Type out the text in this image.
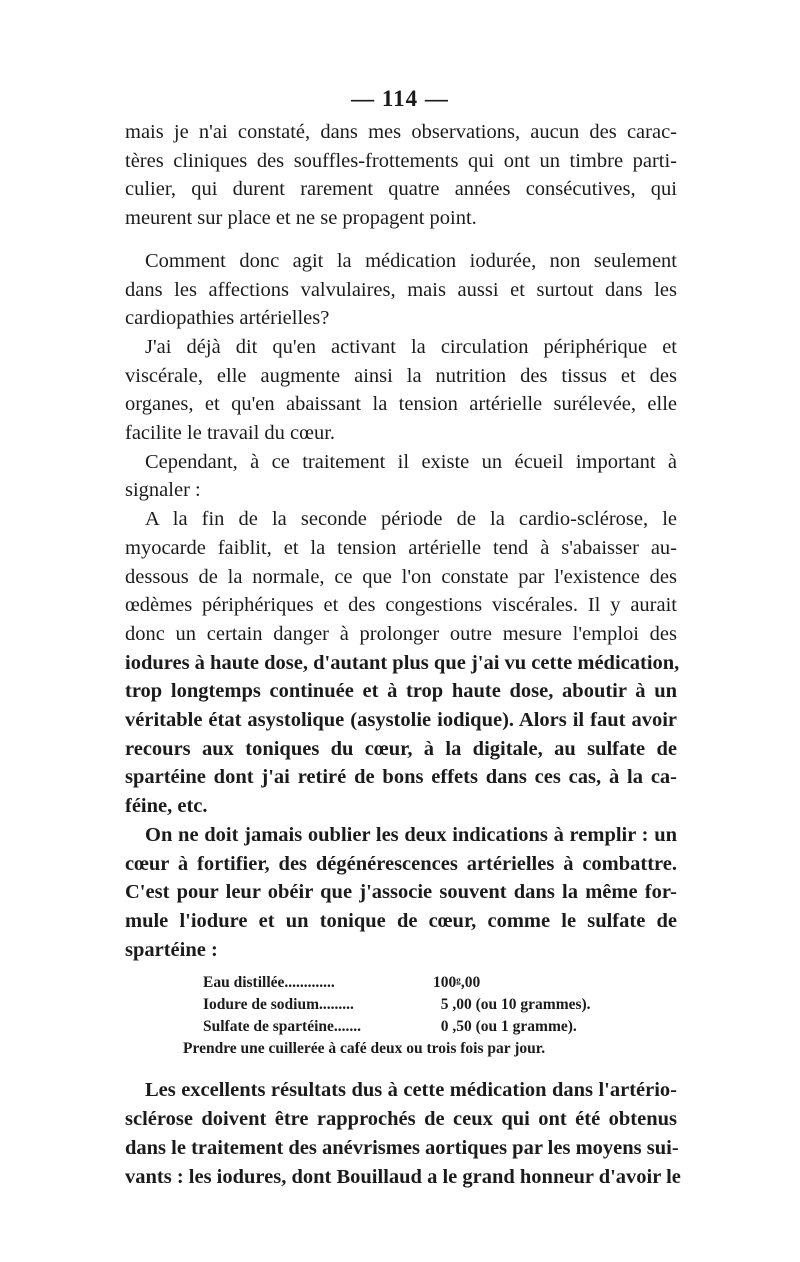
— 114 —
mais je n'ai constaté, dans mes observations, aucun des carac-
tères cliniques des souffles-frottements qui ont un timbre parti-
culier, qui durent rarement quatre années consécutives, qui
meurent sur place et ne se propagent point.
Comment donc agit la médication iodurée, non seulement
dans les affections valvulaires, mais aussi et surtout dans les
cardiopathies artérielles?
J'ai déjà dit qu'en activant la circulation périphérique et
viscérale, elle augmente ainsi la nutrition des tissus et des
organes, et qu'en abaissant la tension artérielle surélevée, elle
facilite le travail du cœur.
Cependant, à ce traitement il existe un écueil important à
signaler :
A la fin de la seconde période de la cardio-sclérose, le
myocarde faiblit, et la tension artérielle tend à s'abaisser au-
dessous de la normale, ce que l'on constate par l'existence des
œdèmes périphériques et des congestions viscérales. Il y aurait
donc un certain danger à prolonger outre mesure l'emploi des
iodures à haute dose, d'autant plus que j'ai vu cette médication,
trop longtemps continuée et à trop haute dose, aboutir à un
véritable état asystolique (asystolie iodique). Alors il faut avoir
recours aux toniques du cœur, à la digitale, au sulfate de
spartéine dont j'ai retiré de bons effets dans ces cas, à la ca-
féine, etc.
On ne doit jamais oublier les deux indications à remplir : un
cœur à fortifier, des dégénérescences artérielles à combattre.
C'est pour leur obéir que j'associe souvent dans la même for-
mule l'iodure et un tonique de cœur, comme le sulfate de
spartéine :
Eau distillée.............	100ᵍ,00
Iodure de sodium.........	5 ,00 (ou 10 grammes).
Sulfate de spartéine.......	0 ,50 (ou 1 gramme).
Prendre une cuillerée à café deux ou trois fois par jour.
Les excellents résultats dus à cette médication dans l'artério-
sclérose doivent être rapprochés de ceux qui ont été obtenus
dans le traitement des anévrismes aortiques par les moyens sui-
vants : les iodures, dont Bouillaud a le grand honneur d'avoir le
